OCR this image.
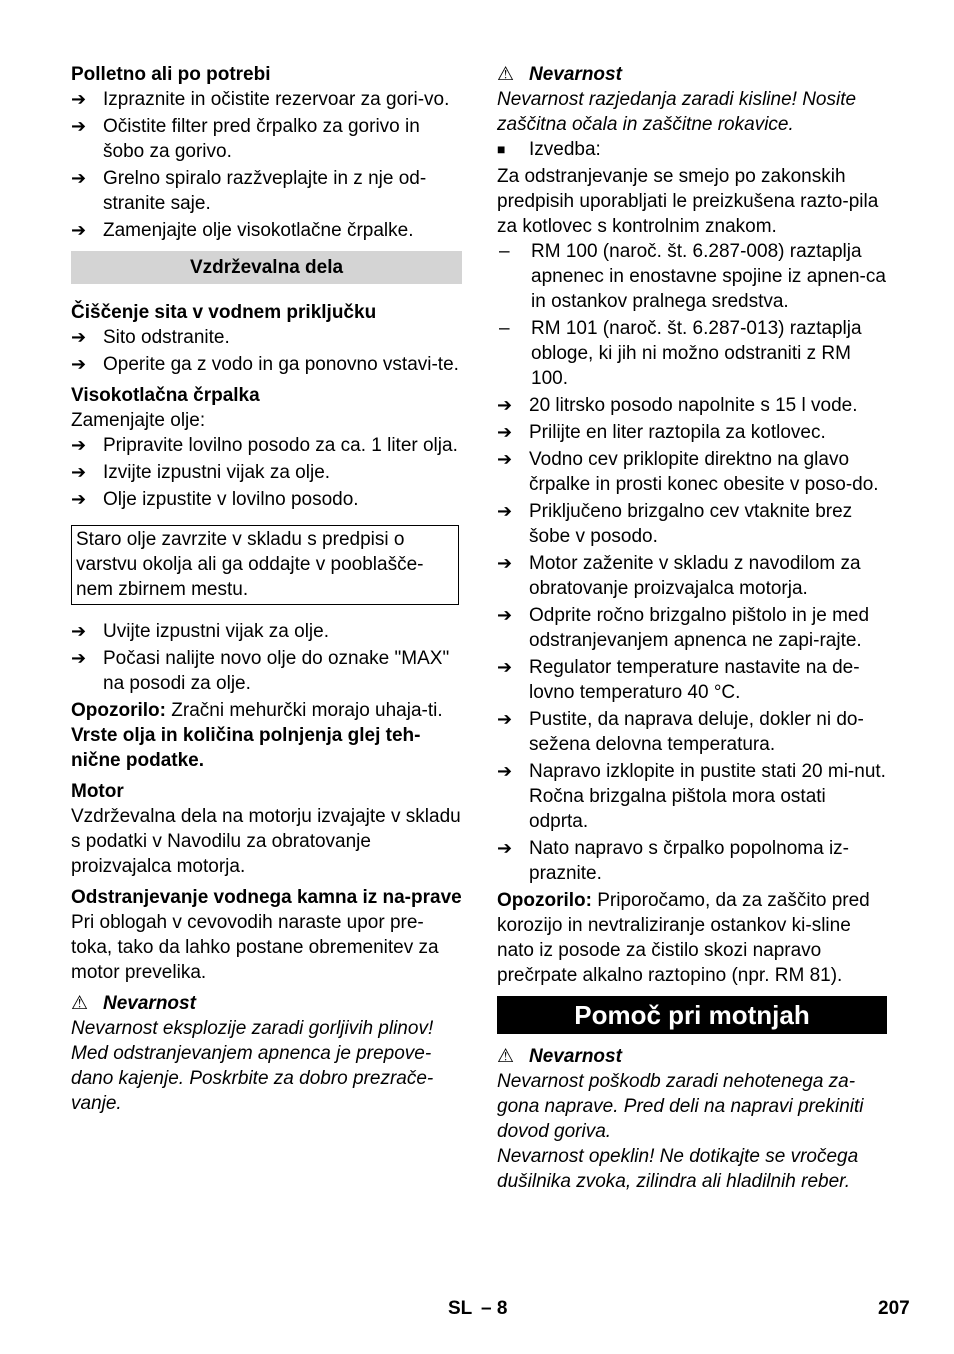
Polletno ali po potrebi

➔ Izpraznite in očistite rezervoar za gori-vo.
➔ Očistite filter pred črpalko za gorivo in šobo za gorivo.
➔ Grelno spiralo razžveplajte in z nje od-stranite saje.
➔ Zamenjajte olje visokotlačne črpalke.
Vzdrževalna dela

Čiščenje sita v vodnem priključku

➔ Sito odstranite.
➔ Operite ga z vodo in ga ponovno vstavi-te.

Visokotlačna črpalka

Zamenjajte olje:

➔ Pripravite lovilno posodo za ca. 1 liter olja.
➔ Izvijte izpustni vijak za olje.
➔ Olje izpustite v lovilno posodo.
Staro olje zavrzite v skladu s predpisi o varstvu okolja ali ga oddajte v pooblašče-nem zbirnem mestu.
➔ Uvijte izpustni vijak za olje.
➔ Počasi nalijte novo olje do oznake "MAX" na posodi za olje.

Opozorilo: Zračni mehurčki morajo uhaja-ti.

Vrste olja in količina polnjenja glej teh-nične podatke.

Motor

Vzdrževalna dela na motorju izvajajte v skladu s podatki v Navodilu za obratovanje proizvajalca motorja.

Odstranjevanje vodnega kamna iz na-prave

Pri oblogah v cevovodih naraste upor pre-toka, tako da lahko postane obremenitev za motor prevelika.

⚠ Nevarnost

Nevarnost eksplozije zaradi gorljivih plinov! Med odstranjevanjem apnenca je prepove-dano kajenje. Poskrbite za dobro prezrače-vanje.

⚠ Nevarnost

Nevarnost razjedanja zaradi kisline! Nosite zaščitna očala in zaščitne rokavice.

■	Izvedba:

Za odstranjevanje se smejo po zakonskih predpisih uporabljati le preizkušena razto-pila za kotlovec s kontrolnim znakom.

–	RM 100 (naroč. št. 6.287-008) raztaplja apnenec in enostavne spojine iz apnen-ca in ostankov pralnega sredstva.
–	RM 101 (naroč. št. 6.287-013) raztaplja obloge, ki jih ni možno odstraniti z RM 100.
➔ 20 litrsko posodo napolnite s 15 l vode.
➔ Prilijte en liter raztopila za kotlovec.
➔ Vodno cev priklopite direktno na glavo črpalke in prosti konec obesite v poso-do.
➔ Priključeno brizgalno cev vtaknite brez šobe v posodo.
➔ Motor zaženite v skladu z navodilom za obratovanje proizvajalca motorja.
➔ Odprite ročno brizgalno pištolo in je med odstranjevanjem apnenca ne zapi-rajte.
➔ Regulator temperature nastavite na de-lovno temperaturo 40 °C.
➔ Pustite, da naprava deluje, dokler ni do-sežena delovna temperatura.
➔ Napravo izklopite in pustite stati 20 mi-nut. Ročna brizgalna pištola mora ostati odprta.
➔ Nato napravo s črpalko popolnoma iz-praznite.

Opozorilo: Priporočamo, da za zaščito pred korozijo in nevtraliziranje ostankov ki-sline nato iz posode za čistilo skozi napravo prečrpate alkalno raztopino (npr. RM 81).

Pomoč pri motnjah
⚠ Nevarnost

Nevarnost poškodb zaradi nehotenega za-gona naprave. Pred deli na napravi prekiniti dovod goriva.

Nevarnost opeklin! Ne dotikajte se vročega dušilnika zvoka, zilindra ali hladilnih reber.

SL – 8	207
